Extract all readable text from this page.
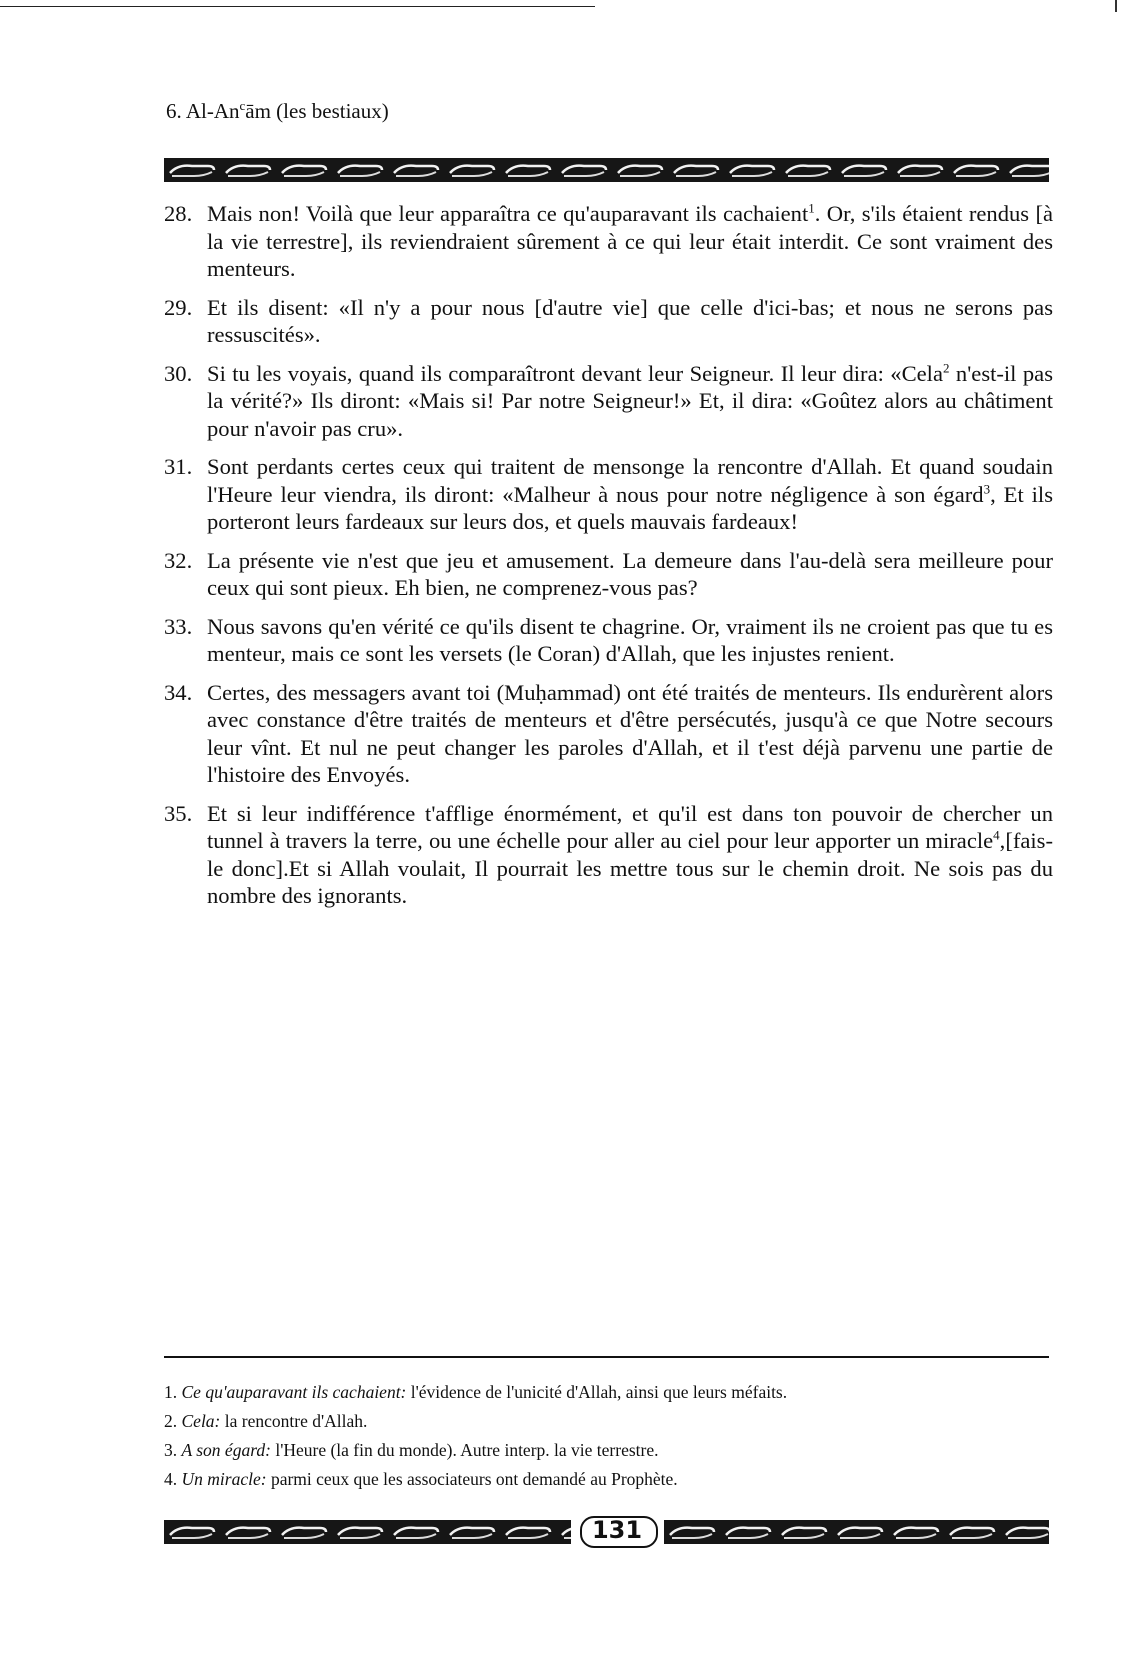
6. Al-An$^c$ām (les bestiaux)
28. Mais non! Voilà que leur apparaîtra ce qu'auparavant ils cachaient$^1$. Or, s'ils étaient rendus [à la vie terrestre], ils reviendraient sûrement à ce qui leur était interdit. Ce sont vraiment des menteurs.
29. Et ils disent: «Il n'y a pour nous [d'autre vie] que celle d'ici-bas; et nous ne serons pas ressuscités».
30. Si tu les voyais, quand ils comparaîtront devant leur Seigneur. Il leur dira: «Cela$^2$ n'est-il pas la vérité?» Ils diront: «Mais si! Par notre Seigneur!» Et, il dira: «Goûtez alors au châtiment pour n'avoir pas cru».
31. Sont perdants certes ceux qui traitent de mensonge la rencontre d'Allah. Et quand soudain l'Heure leur viendra, ils diront: «Malheur à nous pour notre négligence à son égard$^3$, Et ils porteront leurs fardeaux sur leurs dos, et quels mauvais fardeaux!
32. La présente vie n'est que jeu et amusement. La demeure dans l'au-delà sera meilleure pour ceux qui sont pieux. Eh bien, ne comprenez-vous pas?
33. Nous savons qu'en vérité ce qu'ils disent te chagrine. Or, vraiment ils ne croient pas que tu es menteur, mais ce sont les versets (le Coran) d'Allah, que les injustes renient.
34. Certes, des messagers avant toi (Muḥammad) ont été traités de menteurs. Ils endurèrent alors avec constance d'être traités de menteurs et d'être persécutés, jusqu'à ce que Notre secours leur vînt. Et nul ne peut changer les paroles d'Allah, et il t'est déjà parvenu une partie de l'histoire des Envoyés.
35. Et si leur indifférence t'afflige énormément, et qu'il est dans ton pouvoir de chercher un tunnel à travers la terre, ou une échelle pour aller au ciel pour leur apporter un miracle$^4$,[fais-le donc].Et si Allah voulait, Il pourrait les mettre tous sur le chemin droit. Ne sois pas du nombre des ignorants.
1. Ce qu'auparavant ils cachaient: l'évidence de l'unicité d'Allah, ainsi que leurs méfaits.
2. Cela: la rencontre d'Allah.
3. A son égard: l'Heure (la fin du monde). Autre interp. la vie terrestre.
4. Un miracle: parmi ceux que les associateurs ont demandé au Prophète.
131
